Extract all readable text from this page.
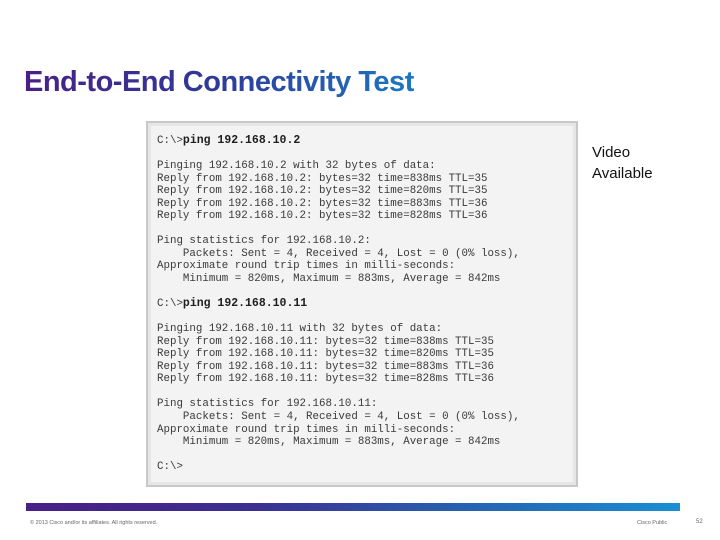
End-to-End Connectivity Test
C:\>ping 192.168.10.2

Pinging 192.168.10.2 with 32 bytes of data:
Reply from 192.168.10.2: bytes=32 time=838ms TTL=35
Reply from 192.168.10.2: bytes=32 time=820ms TTL=35
Reply from 192.168.10.2: bytes=32 time=883ms TTL=36
Reply from 192.168.10.2: bytes=32 time=828ms TTL=36

Ping statistics for 192.168.10.2:
Packets: Sent = 4, Received = 4, Lost = 0 (0% loss),
Approximate round trip times in milli-seconds:
Minimum = 820ms, Maximum = 883ms, Average = 842ms

C:\>ping 192.168.10.11

Pinging 192.168.10.11 with 32 bytes of data:
Reply from 192.168.10.11: bytes=32 time=838ms TTL=35
Reply from 192.168.10.11: bytes=32 time=820ms TTL=35
Reply from 192.168.10.11: bytes=32 time=883ms TTL=36
Reply from 192.168.10.11: bytes=32 time=828ms TTL=36

Ping statistics for 192.168.10.11:
Packets: Sent = 4, Received = 4, Lost = 0 (0% loss),
Approximate round trip times in milli-seconds:
Minimum = 820ms, Maximum = 883ms, Average = 842ms

C:\>

Video
Available
© 2013 Cisco and/or its affiliates. All rights reserved.	Cisco Public	52
